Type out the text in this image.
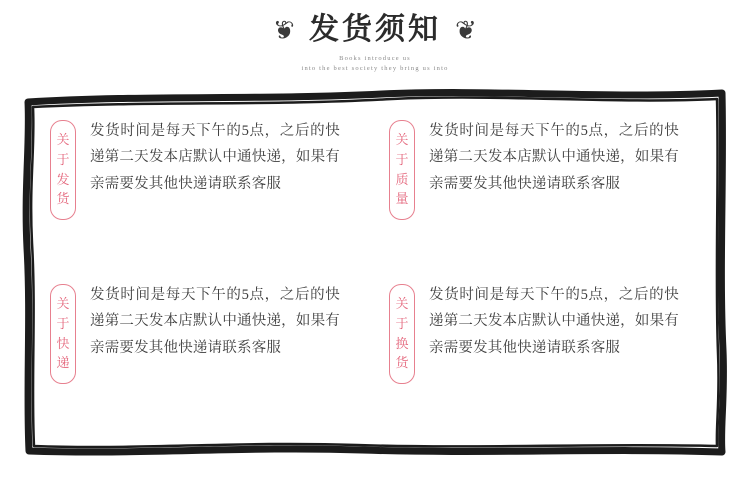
❦ 发货须知 ❦
Books introduce us
into the best society they bring us into
关
于
发
货
发货时间是每天下午的5点，之后的快递第二天发本店默认中通快递，如果有亲需要发其他快递请联系客服
关
于
质
量
发货时间是每天下午的5点，之后的快递第二天发本店默认中通快递，如果有亲需要发其他快递请联系客服
关
于
快
递
发货时间是每天下午的5点，之后的快递第二天发本店默认中通快递，如果有亲需要发其他快递请联系客服
关
于
换
货
发货时间是每天下午的5点，之后的快递第二天发本店默认中通快递，如果有亲需要发其他快递请联系客服
